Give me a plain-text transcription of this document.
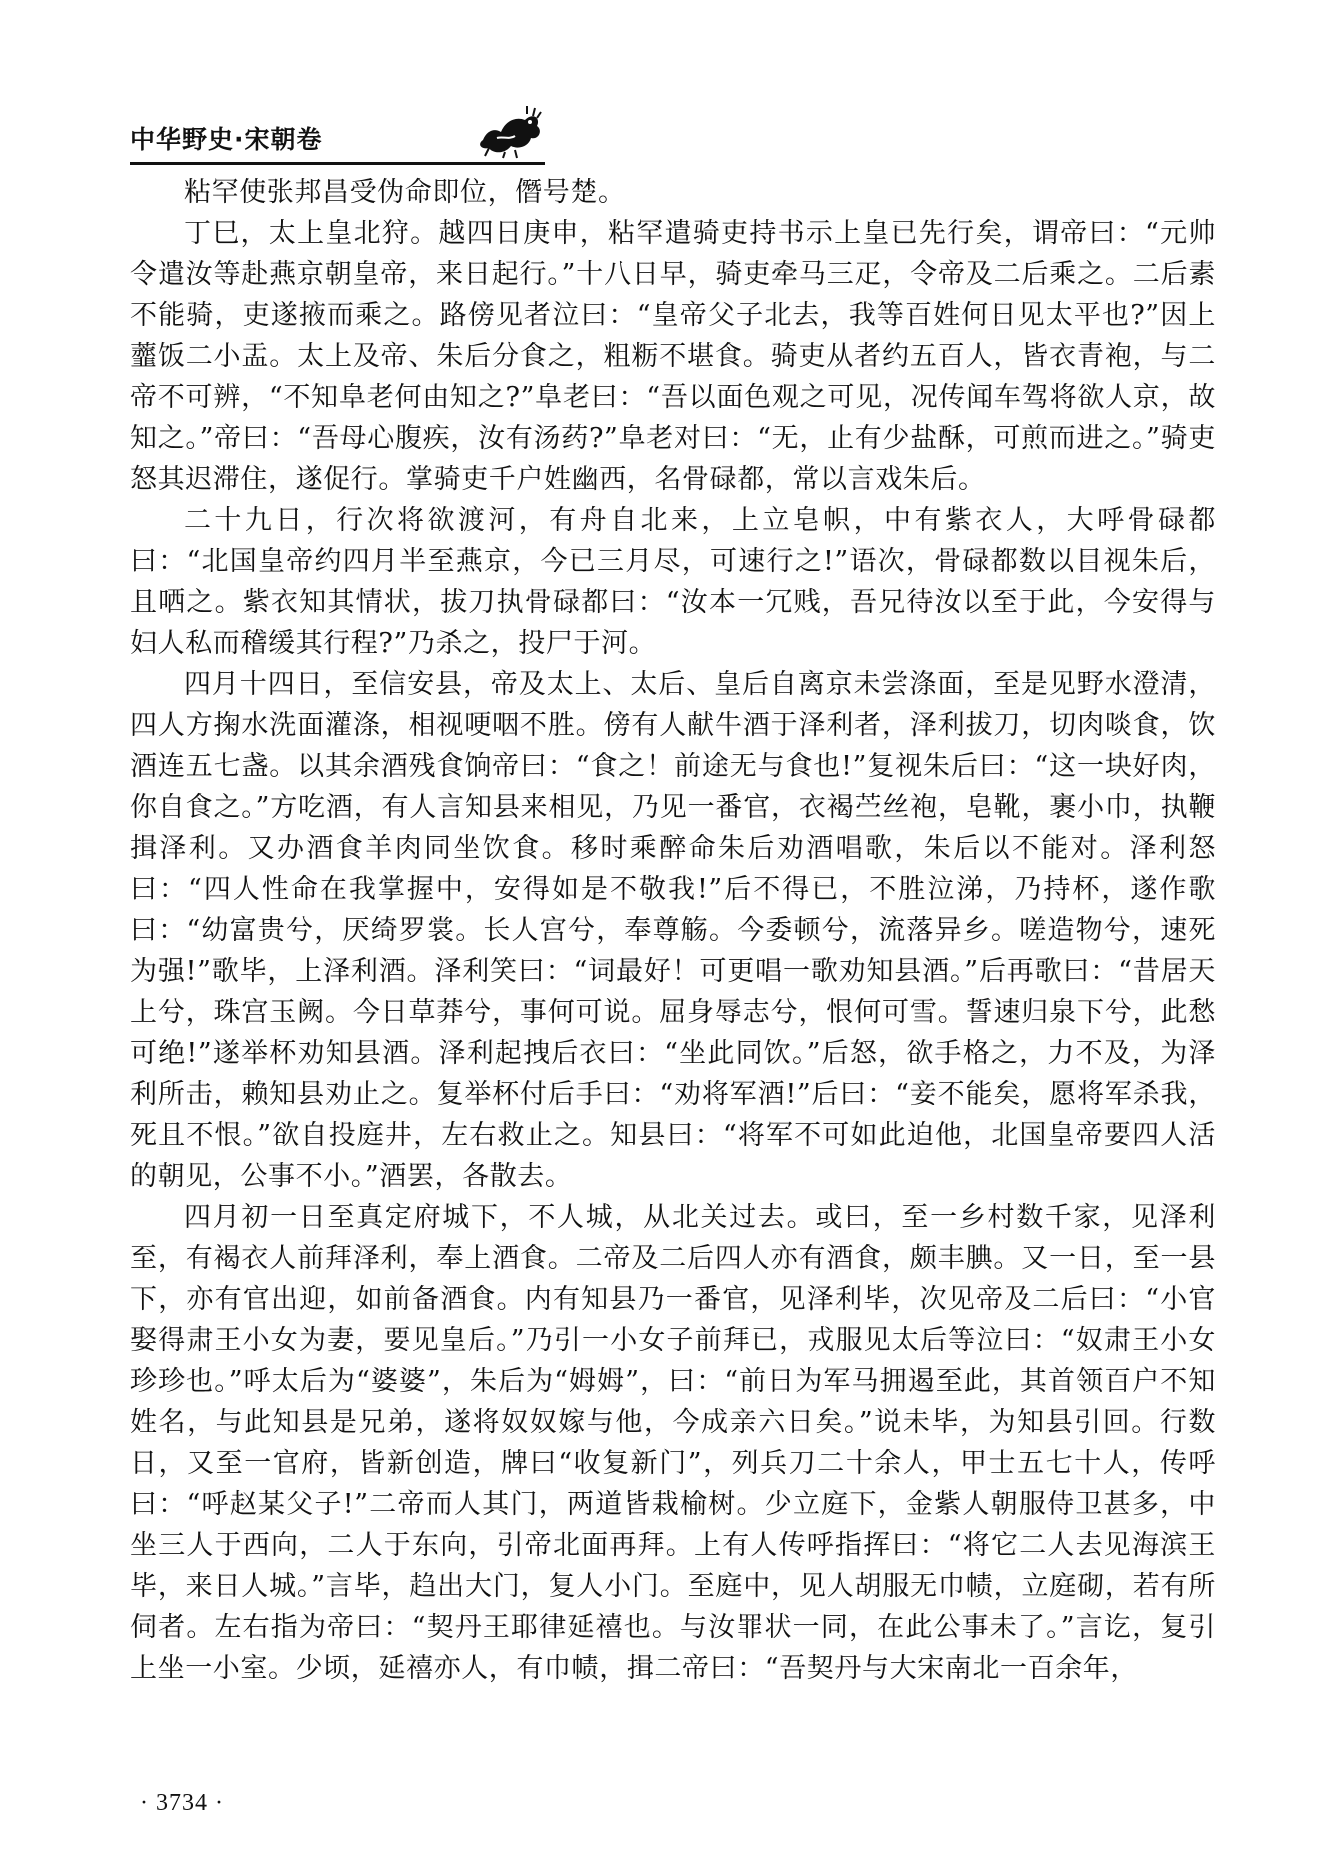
中华野史·宋朝卷

粘罕使张邦昌受伪命即位，僭号楚。

丁巳，太上皇北狩。越四日庚申，粘罕遣骑吏持书示上皇已先行矣，谓帝曰：“元帅令遣汝等赴燕京朝皇帝，来日起行。”十八日早，骑吏牵马三疋，令帝及二后乘之。二后素不能骑，吏遂掖而乘之。路傍见者泣曰：“皇帝父子北去，我等百姓何日见太平也?”因上虀饭二小盂。太上及帝、朱后分食之，粗粝不堪食。骑吏从者约五百人，皆衣青袍，与二帝不可辨，“不知阜老何由知之?”阜老曰：“吾以面色观之可见，况传闻车驾将欲人京，故知之。”帝曰：“吾母心腹疾，汝有汤药?”阜老对曰：“无，止有少盐酥，可煎而进之。”骑吏怒其迟滞住，遂促行。掌骑吏千户姓幽西，名骨碌都，常以言戏朱后。

二十九日，行次将欲渡河，有舟自北来，上立皂帜，中有紫衣人，大呼骨碌都曰：“北国皇帝约四月半至燕京，今已三月尽，可速行之!”语次，骨碌都数以目视朱后，且哂之。紫衣知其情状，拔刀执骨碌都曰：“汝本一冗贱，吾兄待汝以至于此，今安得与妇人私而稽缓其行程?”乃杀之，投尸于河。

四月十四日，至信安县，帝及太上、太后、皇后自离京未尝涤面，至是见野水澄清，四人方掬水洗面灌涤，相视哽咽不胜。傍有人献牛酒于泽利者，泽利拔刀，切肉啖食，饮酒连五七盏。以其余酒残食饷帝曰：“食之！前途无与食也!”复视朱后曰：“这一块好肉，你自食之。”方吃酒，有人言知县来相见，乃见一番官，衣褐苎丝袍，皂靴，裹小巾，执鞭揖泽利。又办酒食羊肉同坐饮食。移时乘醉命朱后劝酒唱歌，朱后以不能对。泽利怒曰：“四人性命在我掌握中，安得如是不敬我!”后不得已，不胜泣涕，乃持杯，遂作歌曰：“幼富贵兮，厌绮罗裳。长人宫兮，奉尊觞。今委顿兮，流落异乡。嗟造物兮，速死为强!”歌毕，上泽利酒。泽利笑曰：“词最好！可更唱一歌劝知县酒。”后再歌曰：“昔居天上兮，珠宫玉阙。今日草莽兮，事何可说。屈身辱志兮，恨何可雪。誓速归泉下兮，此愁可绝!”遂举杯劝知县酒。泽利起拽后衣曰：“坐此同饮。”后怒，欲手格之，力不及，为泽利所击，赖知县劝止之。复举杯付后手曰：“劝将军酒!”后曰：“妾不能矣，愿将军杀我，死且不恨。”欲自投庭井，左右救止之。知县曰：“将军不可如此迫他，北国皇帝要四人活的朝见，公事不小。”酒罢，各散去。

四月初一日至真定府城下，不人城，从北关过去。或曰，至一乡村数千家，见泽利至，有褐衣人前拜泽利，奉上酒食。二帝及二后四人亦有酒食，颇丰腆。又一日，至一县下，亦有官出迎，如前备酒食。内有知县乃一番官，见泽利毕，次见帝及二后曰：“小官娶得肃王小女为妻，要见皇后。”乃引一小女子前拜已，戎服见太后等泣曰：“奴肃王小女珍珍也。”呼太后为“婆婆”，朱后为“姆姆”，曰：“前日为军马拥遏至此，其首领百户不知姓名，与此知县是兄弟，遂将奴奴嫁与他，今成亲六日矣。”说未毕，为知县引回。行数日，又至一官府，皆新创造，牌曰“收复新门”，列兵刀二十余人，甲士五七十人，传呼曰：“呼赵某父子!”二帝而人其门，两道皆栽榆树。少立庭下，金紫人朝服侍卫甚多，中坐三人于西向，二人于东向，引帝北面再拜。上有人传呼指挥曰：“将它二人去见海滨王毕，来日人城。”言毕，趋出大门，复人小门。至庭中，见人胡服无巾帻，立庭砌，若有所伺者。左右指为帝曰：“契丹王耶律延禧也。与汝罪状一同，在此公事未了。”言讫，复引上坐一小室。少顷，延禧亦人，有巾帻，揖二帝曰：“吾契丹与大宋南北一百余年，

· 3734 ·
